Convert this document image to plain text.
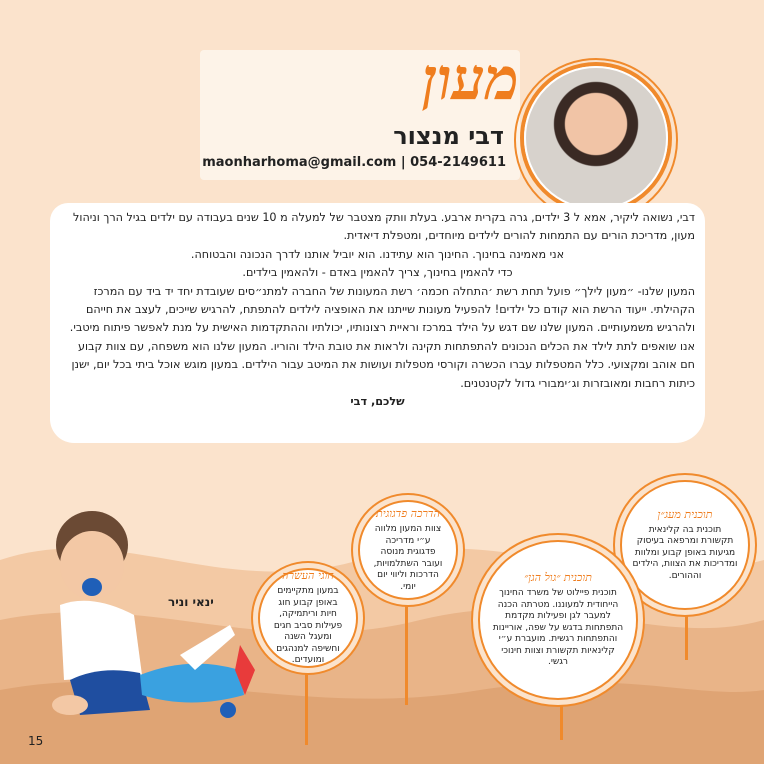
מעון
דבי מנצור
maonharhoma@gmail.com | 054-2149611

דבי, נשואה ליקיר, אמא ל 3 ילדים, גרה בקרית ארבע. בעלת וותק מצטבר של למעלה מ 10 שנים בעבודה עם ילדים בגיל הרך וניהול מעון, מדריכת הורים עם התמחות להורים לילדים מיוחדים, ומטפלת דיאדית.

אני מאמינה בחינוך. החינוך הוא עתידנו. הוא יוביל אותנו לדרך הנכונה והבטוחה.

כדי להאמין בחינוך, צריך להאמין באדם - ולהאמין בילדים.

המעון שלנו- ״מעון לילך״ פועל תחת רשת ׳התחלה חכמה׳ רשת המעונות של החברה למתנ״סים שעובדת יחד יד ביד עם המרכז הקהילתי. ייעוד הרשת הוא קודם כל ילדים! להפעיל מעונות שייתנו את האופציה לילדים להתפתח, להרגיש שייכים, לעצב את חייהם ולהרגיש משמעותיים. המעון שלנו שם דגש על הילד במרכז וראיית רצונותיו, יכולתיו וההתקדמות האישית על מנת לאפשר פיתוח מיטבי. אנו שואפים לתת לילד את הכלים הנכונים להתפתחות תקינה ולראות את טובת הילד והוריו. המעון שלנו הוא משפחה, עם צוות קבוע חם אוהב ומקצועי. כלל המטפלות עברו הכשרה וקורסי מטפלות ועושות את המיטב עבור הילדים. במעון מוגש אוכל ביתי בכל יום, ישנן כיתות רחבות ומאובזרות וג׳ימבורי גדול לקטנטנים.

שלכם, דבי

תוכנית מעג״ן
תוכנית בה קלינאית תקשורת ומרפאה בעיסוק מגיעות באופן קבוע ומלוות ומדריכות את הצוות, הילדים וההורים.
תוכנית ״גול הגן״
תוכנית פיילוט של משרד החינוך הייחודית למעוננו. מטרתה הכנה למעבר לגן ופעילות מקדמת התפתחות בדגש על שפה, אוריינות והתפתחות רגשית. מועברת ע״י קלינאיות תקשורת וצוות חינוכי רגשי.
הדרכה פדגוגית
צוות המעון מלווה ע״י מדריכה פדגוגית מנוסה ועובר השתלמויות, הדרכות וליווי יום יומי.
חוגי העשרה
במעון מתקיימים באופן קבוע חוג חיות וריתמיקה, פעילות סביב חגים ומעגל השנה וחשיפה למנהגים ומועדים.
ינאי וניר
15
